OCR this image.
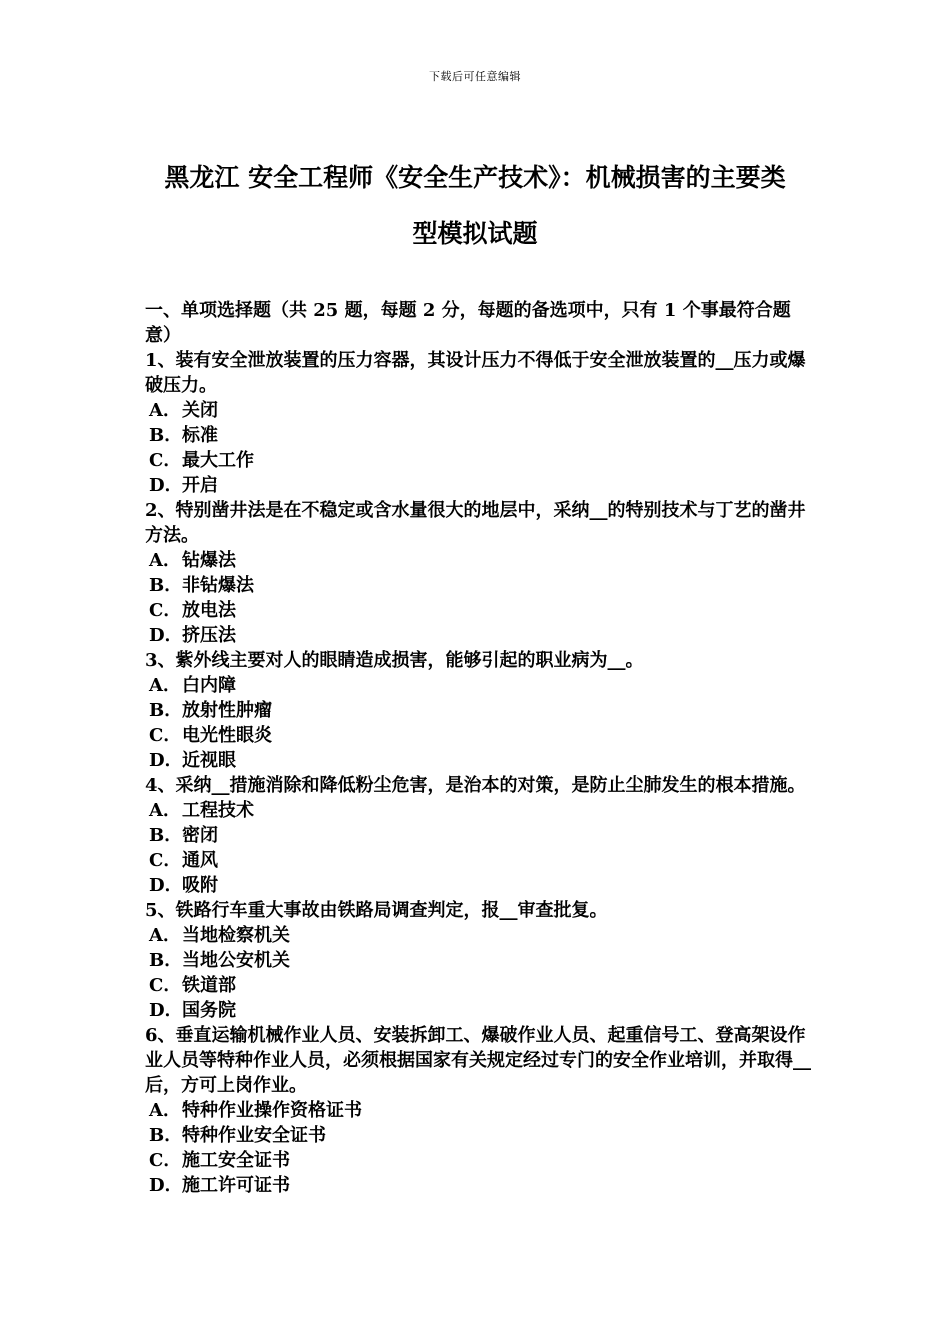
下载后可任意编辑
黑龙江 安全工程师《安全生产技术》：机械损害的主要类
型模拟试题

一、单项选择题（共 25 题，每题 2 分，每题的备选项中，只有 1 个事最符合题意）

1、装有安全泄放装置的压力容器，其设计压力不得低于安全泄放装置的__压力或爆破压力。

A． 关闭
B． 标准
C． 最大工作
D． 开启

2、特别凿井法是在不稳定或含水量很大的地层中，采纳__的特别技术与丁艺的凿井方法。

A． 钻爆法
B． 非钻爆法
C． 放电法
D． 挤压法

3、紫外线主要对人的眼睛造成损害，能够引起的职业病为__。

A． 白内障
B． 放射性肿瘤
C． 电光性眼炎
D． 近视眼

4、采纳__措施消除和降低粉尘危害，是治本的对策，是防止尘肺发生的根本措施。

A． 工程技术
B． 密闭
C． 通风
D． 吸附

5、铁路行车重大事故由铁路局调查判定，报__审查批复。

A． 当地检察机关
B． 当地公安机关
C． 铁道部
D． 国务院

6、垂直运输机械作业人员、安装拆卸工、爆破作业人员、起重信号工、登高架设作业人员等特种作业人员，必须根据国家有关规定经过专门的安全作业培训，并取得__后，方可上岗作业。

A． 特种作业操作资格证书
B． 特种作业安全证书
C． 施工安全证书
D． 施工许可证书
